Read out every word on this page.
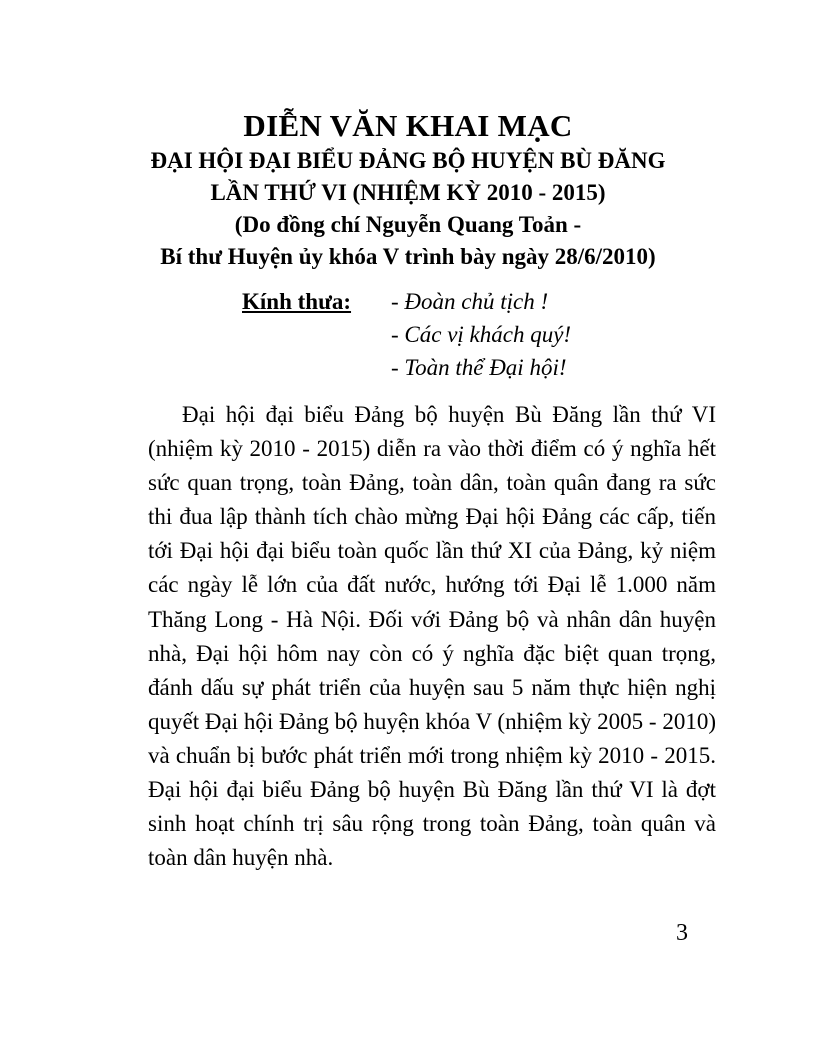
DIỄN VĂN KHAI MẠC
ĐẠI HỘI ĐẠI BIỂU ĐẢNG BỘ HUYỆN BÙ ĐĂNG
LẦN THỨ VI (NHIỆM KỲ 2010 - 2015)
(Do đồng chí Nguyễn Quang Toản -
Bí thư Huyện ủy khóa V trình bày ngày 28/6/2010)
Kính thưa: - Đoàn chủ tịch !
- Các vị khách quý!
- Toàn thể Đại hội!

Đại hội đại biểu Đảng bộ huyện Bù Đăng lần thứ VI (nhiệm kỳ 2010 - 2015) diễn ra vào thời điểm có ý nghĩa hết sức quan trọng, toàn Đảng, toàn dân, toàn quân đang ra sức thi đua lập thành tích chào mừng Đại hội Đảng các cấp, tiến tới Đại hội đại biểu toàn quốc lần thứ XI của Đảng, kỷ niệm các ngày lễ lớn của đất nước, hướng tới Đại lễ 1.000 năm Thăng Long - Hà Nội. Đối với Đảng bộ và nhân dân huyện nhà, Đại hội hôm nay còn có ý nghĩa đặc biệt quan trọng, đánh dấu sự phát triển của huyện sau 5 năm thực hiện nghị quyết Đại hội Đảng bộ huyện khóa V (nhiệm kỳ 2005 - 2010) và chuẩn bị bước phát triển mới trong nhiệm kỳ 2010 - 2015. Đại hội đại biểu Đảng bộ huyện Bù Đăng lần thứ VI là đợt sinh hoạt chính trị sâu rộng trong toàn Đảng, toàn quân và toàn dân huyện nhà.

3
